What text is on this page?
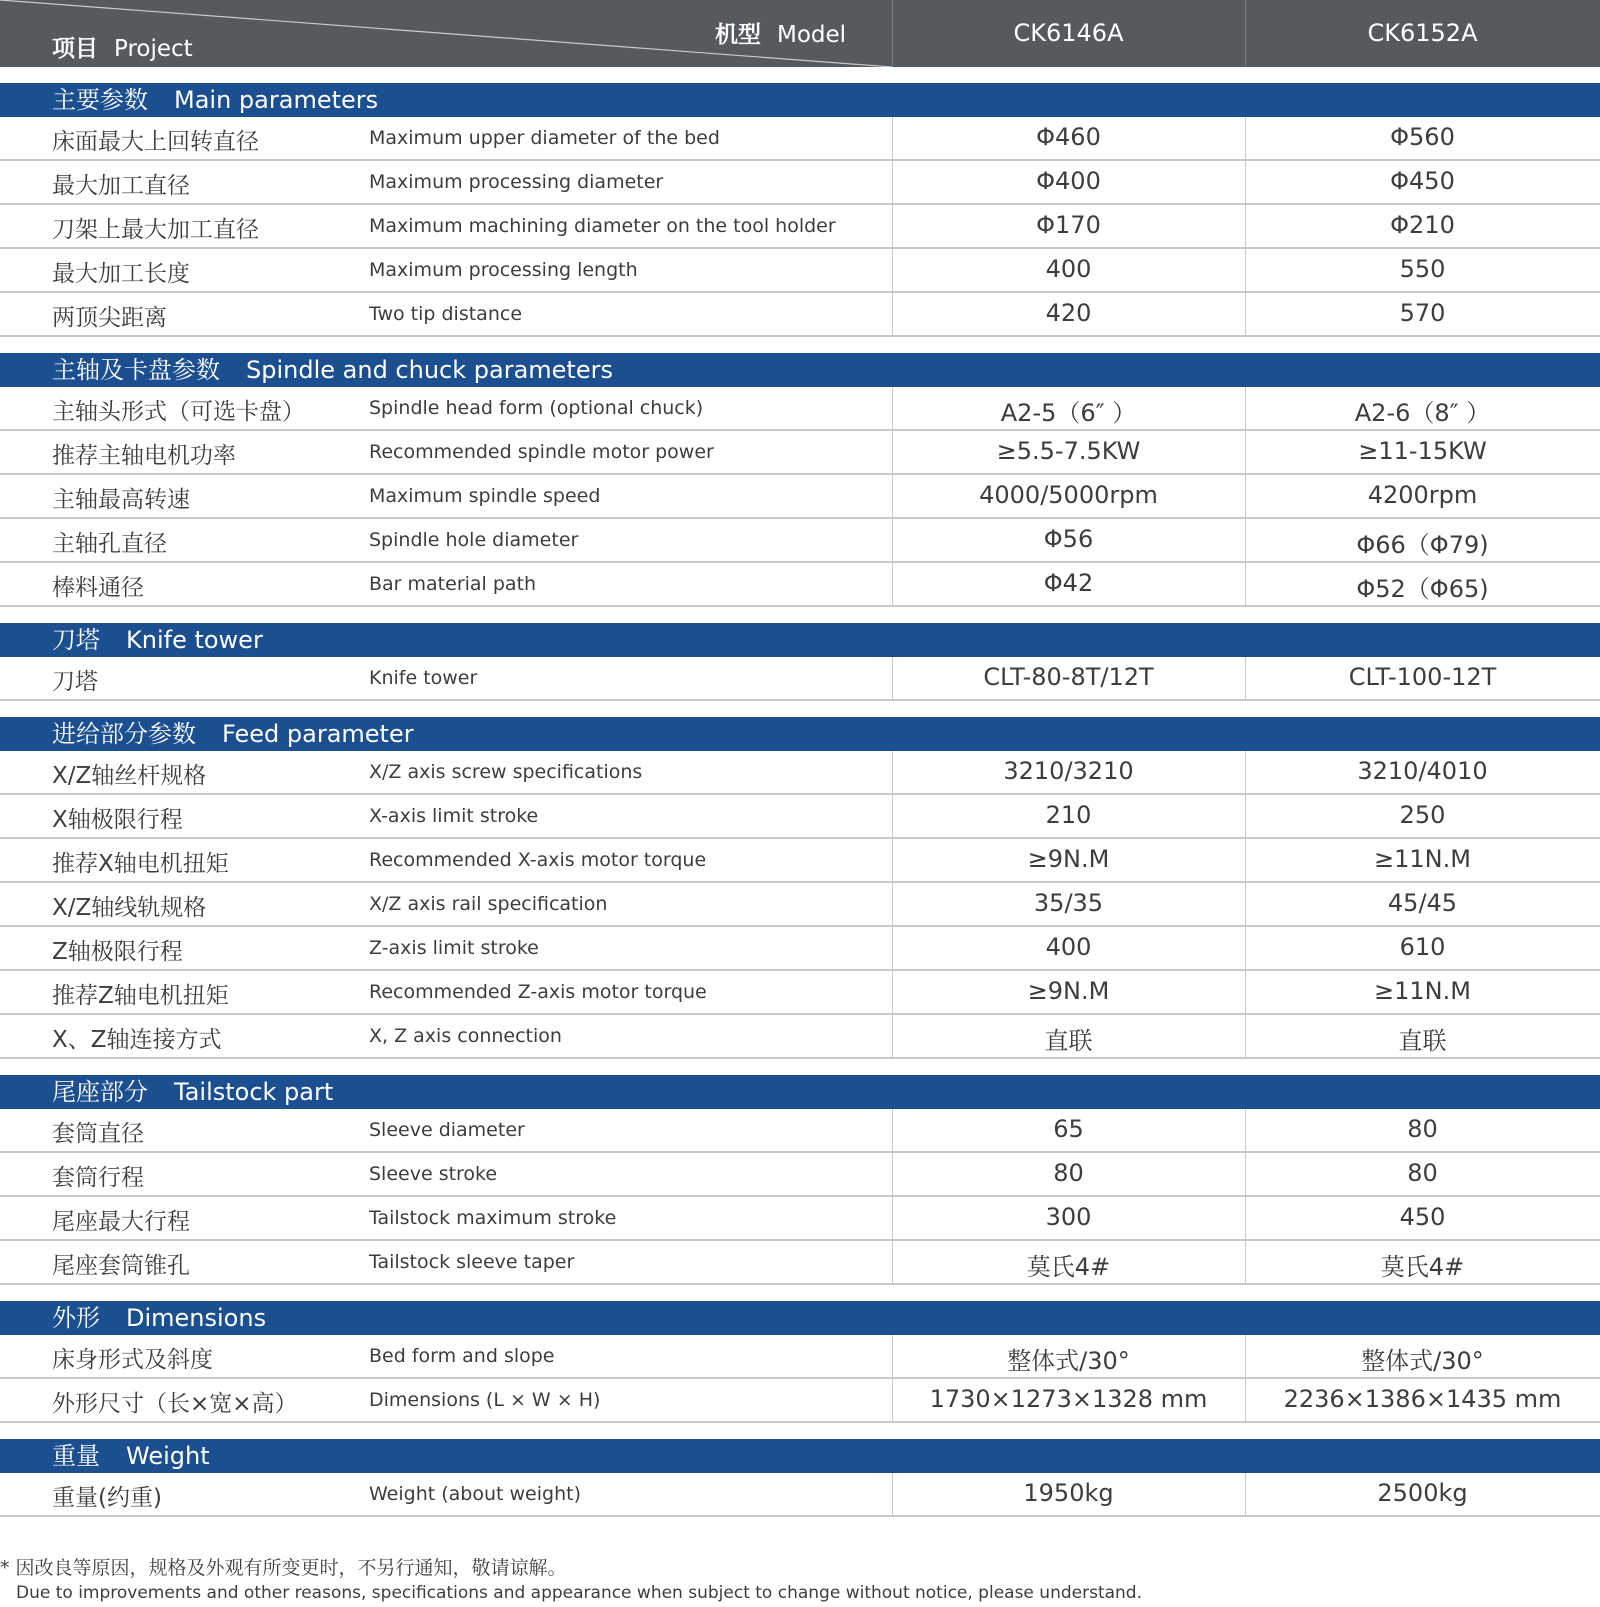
项目 Project
机型 Model	CK6146A	CK6152A
主要参数 Main parameters
床面最大上回转直径	Maximum upper diameter of the bed	Φ460	Φ560
最大加工直径	Maximum processing diameter	Φ400	Φ450
刀架上最大加工直径	Maximum machining diameter on the tool holder	Φ170	Φ210
最大加工长度	Maximum processing length	400	550
两顶尖距离	Two tip distance	420	570
主轴及卡盘参数 Spindle and chuck parameters
主轴头形式（可选卡盘）	Spindle head form (optional chuck)	A2-5（6″ ）	A2-6（8″ ）
推荐主轴电机功率	Recommended spindle motor power	≥5.5-7.5KW	≥11-15KW
主轴最高转速	Maximum spindle speed	4000/5000rpm	4200rpm
主轴孔直径	Spindle hole diameter	Φ56	Φ66（Φ79)
棒料通径	Bar material path	Φ42	Φ52（Φ65)
刀塔 Knife tower
刀塔	Knife tower	CLT-80-8T/12T	CLT-100-12T
进给部分参数 Feed parameter
X/Z轴丝杆规格	X/Z axis screw specifications	3210/3210	3210/4010
X轴极限行程	X-axis limit stroke	210	250
推荐X轴电机扭矩	Recommended X-axis motor torque	≥9N.M	≥11N.M
X/Z轴线轨规格	X/Z axis rail specification	35/35	45/45
Z轴极限行程	Z-axis limit stroke	400	610
推荐Z轴电机扭矩	Recommended Z-axis motor torque	≥9N.M	≥11N.M
X、Z轴连接方式	X, Z axis connection	直联	直联
尾座部分 Tailstock part
套筒直径	Sleeve diameter	65	80
套筒行程	Sleeve stroke	80	80
尾座最大行程	Tailstock maximum stroke	300	450
尾座套筒锥孔	Tailstock sleeve taper	莫氏4#	莫氏4#
外形 Dimensions
床身形式及斜度	Bed form and slope	整体式/30°	整体式/30°
外形尺寸（长×宽×高）	Dimensions (L × W × H)	1730×1273×1328 mm	2236×1386×1435 mm
重量 Weight
重量(约重)	Weight (about weight)	1950kg	2500kg
* 因改良等原因，规格及外观有所变更时，不另行通知，敬请谅解。
Due to improvements and other reasons, specifications and appearance when subject to change without notice, please understand.
